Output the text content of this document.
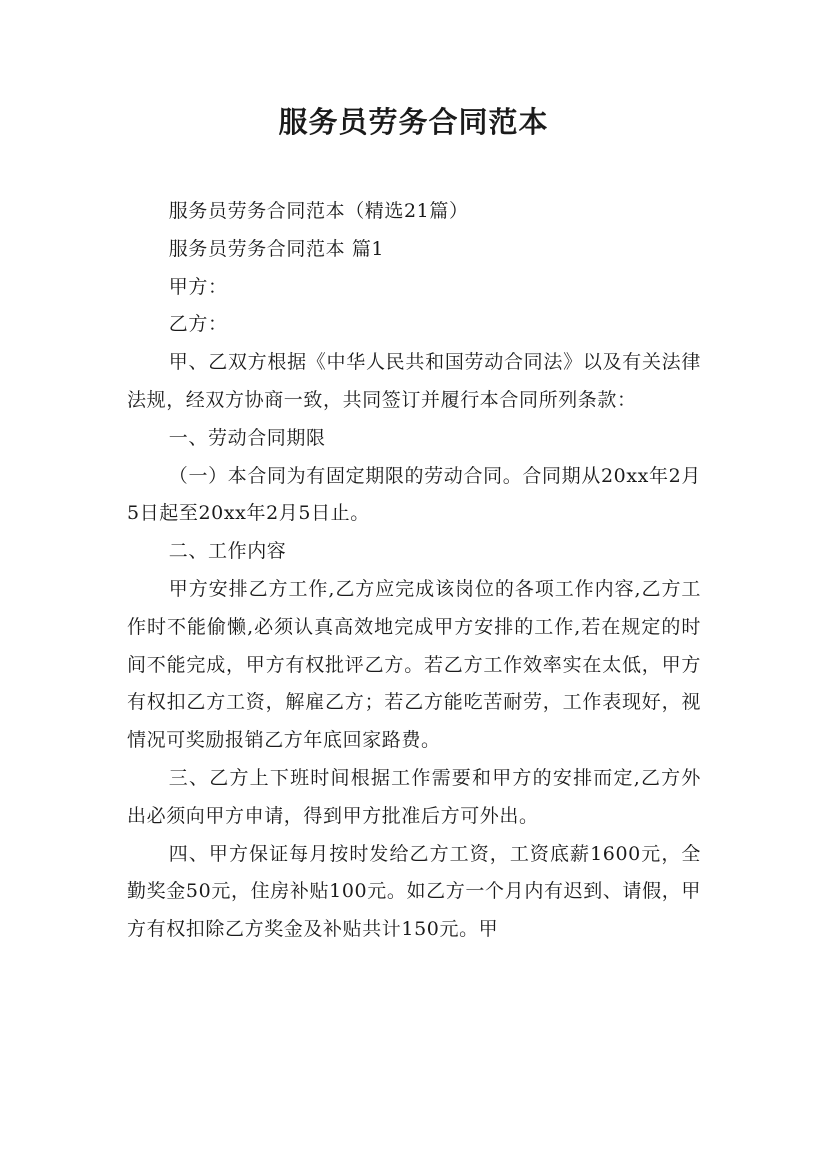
服务员劳务合同范本

服务员劳务合同范本（精选21篇）

服务员劳务合同范本 篇1

甲方：

乙方：

甲、乙双方根据《中华人民共和国劳动合同法》以及有关法律法规，经双方协商一致，共同签订并履行本合同所列条款：

一、劳动合同期限

（一）本合同为有固定期限的劳动合同。合同期从20xx年2月5日起至20xx年2月5日止。

二、工作内容

甲方安排乙方工作,乙方应完成该岗位的各项工作内容,乙方工作时不能偷懒,必须认真高效地完成甲方安排的工作,若在规定的时间不能完成，甲方有权批评乙方。若乙方工作效率实在太低，甲方有权扣乙方工资，解雇乙方；若乙方能吃苦耐劳，工作表现好，视情况可奖励报销乙方年底回家路费。

三、乙方上下班时间根据工作需要和甲方的安排而定,乙方外出必须向甲方申请，得到甲方批准后方可外出。

四、甲方保证每月按时发给乙方工资，工资底薪1600元，全勤奖金50元，住房补贴100元。如乙方一个月内有迟到、请假，甲方有权扣除乙方奖金及补贴共计150元。甲
